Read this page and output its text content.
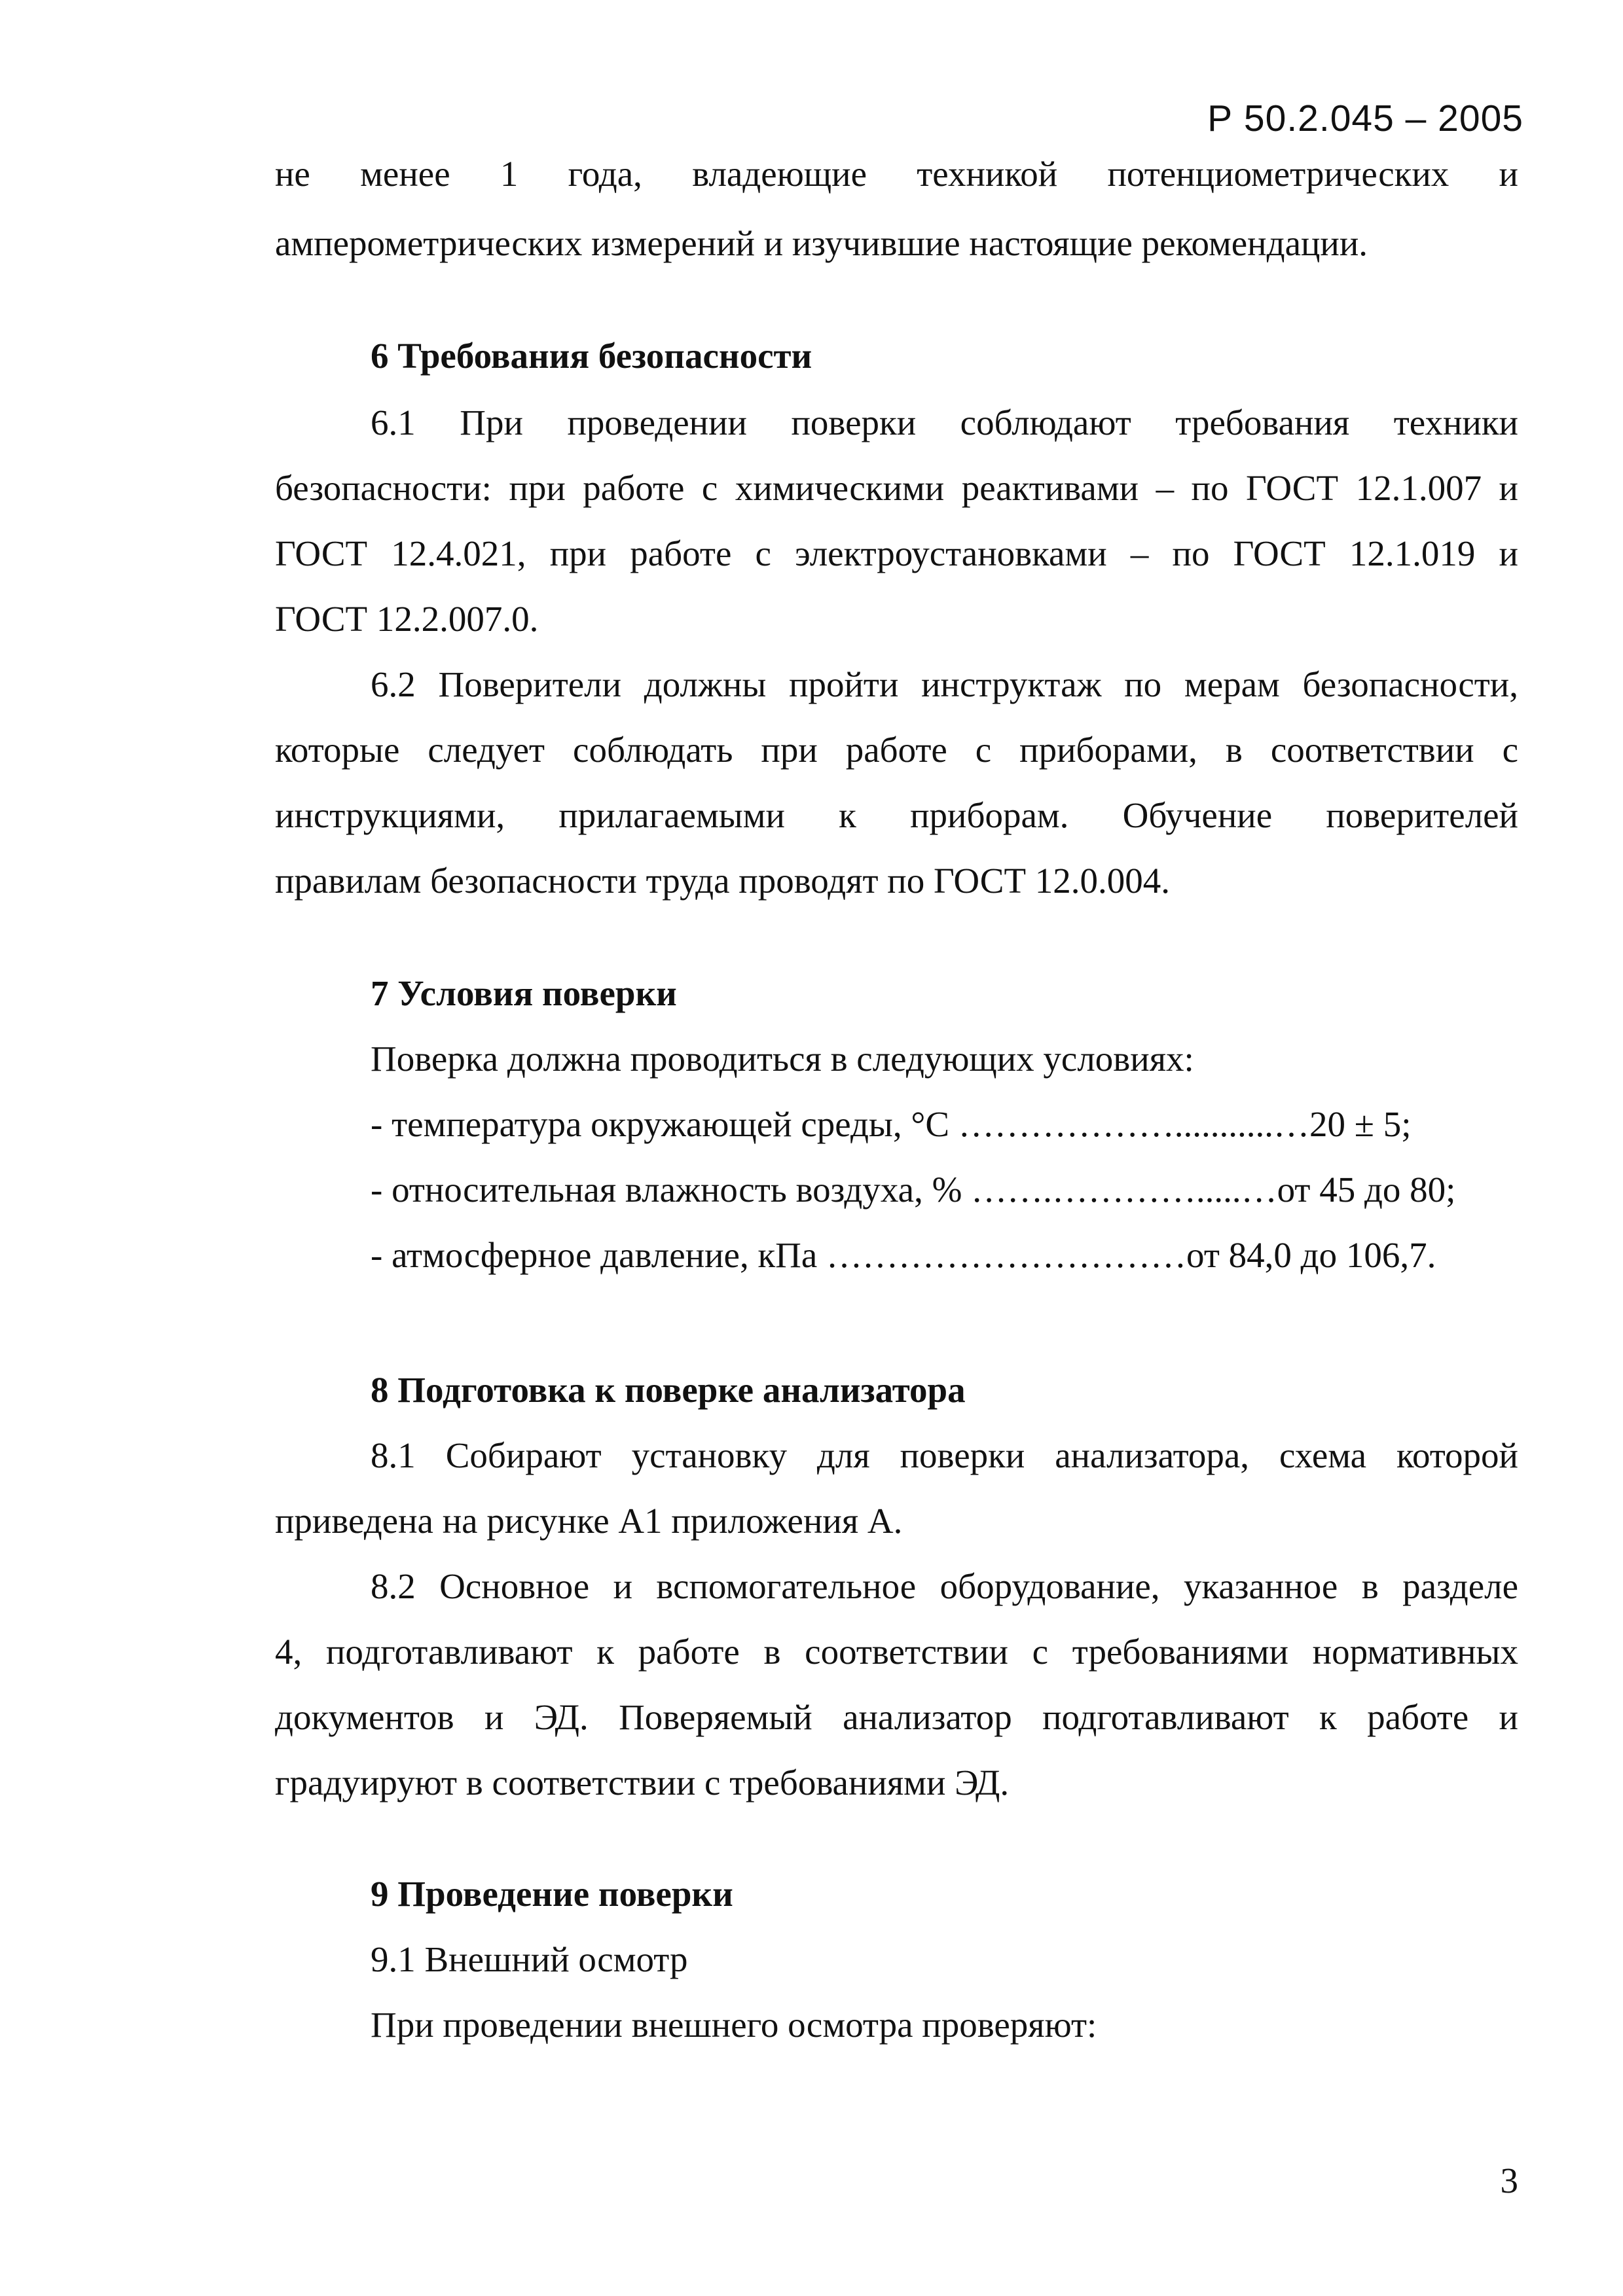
Р 50.2.045 – 2005
не менее 1 года, владеющие техникой потенциометрических и
амперометрических измерений и изучившие настоящие рекомендации.
6 Требования безопасности
6.1 При проведении поверки соблюдают требования техники
безопасности: при работе с химическими реактивами – по ГОСТ 12.1.007 и
ГОСТ 12.4.021, при работе с электроустановками – по ГОСТ 12.1.019 и
ГОСТ 12.2.007.0.
6.2 Поверители должны пройти инструктаж по мерам безопасности,
которые следует соблюдать при работе с приборами, в соответствии с
инструкциями, прилагаемыми к приборам. Обучение поверителей
правилам безопасности труда проводят по ГОСТ 12.0.004.
7 Условия поверки
Поверка должна проводиться в следующих условиях:
- температура окружающей среды, °С ………………...........…20 ± 5;
- относительная влажность воздуха, % …….………….....…от 45 до 80;
- атмосферное давление, кПа …………………………от 84,0 до 106,7.
8 Подготовка к поверке анализатора
8.1 Собирают установку для поверки анализатора, схема которой
приведена на рисунке А1 приложения А.
8.2 Основное и вспомогательное оборудование, указанное в разделе
4, подготавливают к работе в соответствии с требованиями нормативных
документов и ЭД. Поверяемый анализатор подготавливают к работе и
градуируют в соответствии с требованиями ЭД.
9 Проведение поверки
9.1 Внешний осмотр
При проведении внешнего осмотра проверяют:
3
